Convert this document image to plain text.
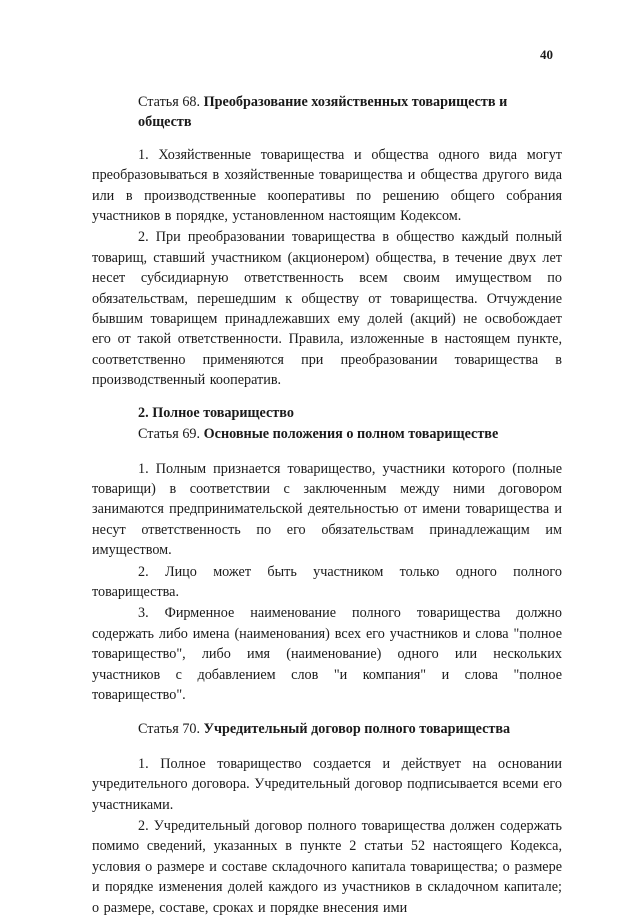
40
Статья 68. Преобразование хозяйственных товариществ и обществ

1. Хозяйственные товарищества и общества одного вида могут преобразовываться в хозяйственные товарищества и общества другого вида или в производственные кооперативы по решению общего собрания участников в порядке, установленном настоящим Кодексом.

2. При преобразовании товарищества в общество каждый полный товарищ, ставший участником (акционером) общества, в течение двух лет несет субсидиарную ответственность всем своим имуществом по обязательствам, перешедшим к обществу от товарищества. Отчуждение бывшим товарищем принадлежавших ему долей (акций) не освобождает его от такой ответственности. Правила, изложенные в настоящем пункте, соответственно применяются при преобразовании товарищества в производственный кооператив.

2. Полное товарищество
Статья 69. Основные положения о полном товариществе

1. Полным признается товарищество, участники которого (полные товарищи) в соответствии с заключенным между ними договором занимаются предпринимательской деятельностью от имени товарищества и несут ответственность по его обязательствам принадлежащим им имуществом.

2. Лицо может быть участником только одного полного товарищества.

3. Фирменное наименование полного товарищества должно содержать либо имена (наименования) всех его участников и слова "полное товарищество", либо имя (наименование) одного или нескольких участников с добавлением слов "и компания" и слова "полное товарищество".

Статья 70. Учредительный договор полного товарищества

1. Полное товарищество создается и действует на основании учредительного договора. Учредительный договор подписывается всеми его участниками.

2. Учредительный договор полного товарищества должен содержать помимо сведений, указанных в пункте 2 статьи 52 настоящего Кодекса, условия о размере и составе складочного капитала товарищества; о размере и порядке изменения долей каждого из участников в складочном капитале; о размере, составе, сроках и порядке внесения ими
